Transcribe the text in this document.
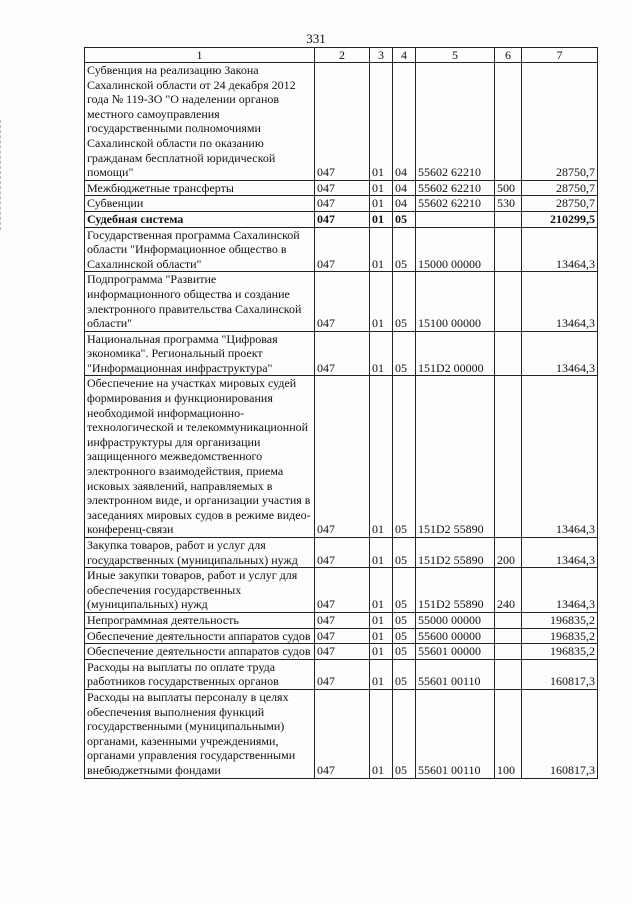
331
1	2	3	4	5	6	7

Субвенция на реализацию Закона Сахалинской области от 24 декабря 2012 года № 119-ЗО "О наделении органов местного самоуправления государственными полномочиями Сахалинской области по оказанию гражданам бесплатной юридической помощи"	047	01	04	55602 62210		28750,7

Межбюджетные трансферты	047	01	04	55602 62210	500	28750,7

Субвенции	047	01	04	55602 62210	530	28750,7

Судебная система	047	01	05			210299,5

Государственная программа Сахалинской области "Информационное общество в Сахалинской области"	047	01	05	15000 00000		13464,3

Подпрограмма "Развитие информационного общества и создание электронного правительства Сахалинской области"	047	01	05	15100 00000		13464,3

Национальная программа "Цифровая экономика". Региональный проект "Информационная инфраструктура"	047	01	05	151D2 00000		13464,3

Обеспечение на участках мировых судей формирования и функционирования необходимой информационно-технологической и телекоммуникационной инфраструктуры для организации защищенного межведомственного электронного взаимодействия, приема исковых заявлений, направляемых в электронном виде, и организации участия в заседаниях мировых судов в режиме видео-конференц-связи	047	01	05	151D2 55890		13464,3

Закупка товаров, работ и услуг для государственных (муниципальных) нужд	047	01	05	151D2 55890	200	13464,3

Иные закупки товаров, работ и услуг для обеспечения государственных (муниципальных) нужд	047	01	05	151D2 55890	240	13464,3

Непрограммная деятельность	047	01	05	55000 00000		196835,2

Обеспечение деятельности аппаратов судов	047	01	05	55600 00000		196835,2

Обеспечение деятельности аппаратов судов	047	01	05	55601 00000		196835,2

Расходы на выплаты по оплате труда работников государственных органов	047	01	05	55601 00110		160817,3

Расходы на выплаты персоналу в целях обеспечения выполнения функций государственными (муниципальными) органами, казенными учреждениями, органами управления государственными внебюджетными фондами	047	01	05	55601 00110	100	160817,3
